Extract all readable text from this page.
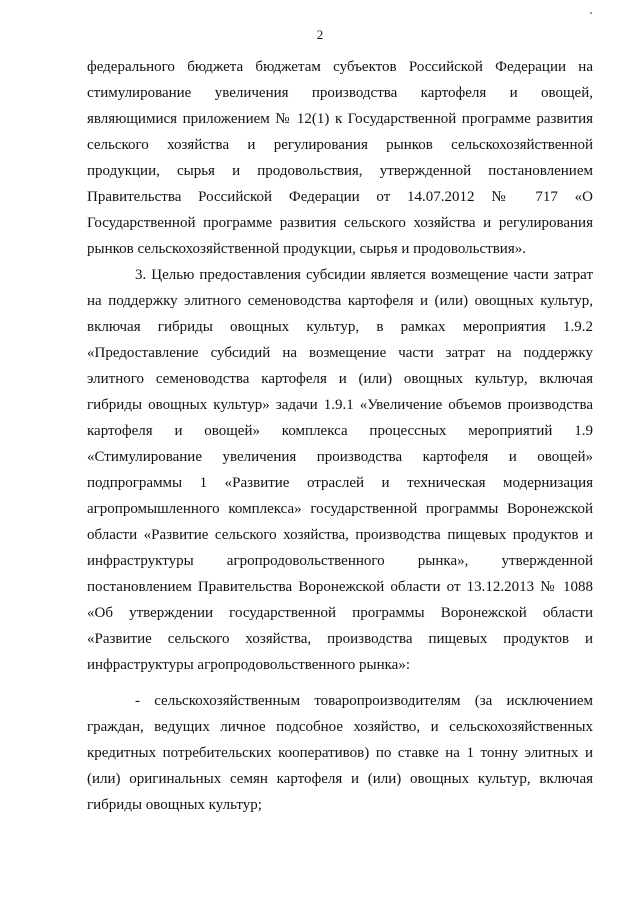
2
федерального бюджета бюджетам субъектов Российской Федерации на
стимулирование увеличения производства картофеля и овощей,
являющимися приложением № 12(1) к Государственной программе развития
сельского хозяйства и регулирования рынков сельскохозяйственной
продукции, сырья и продовольствия, утвержденной постановлением
Правительства Российской Федерации от 14.07.2012 № 717 «О
Государственной программе развития сельского хозяйства и регулирования
рынков сельскохозяйственной продукции, сырья и продовольствия».
3. Целью предоставления субсидии является возмещение части затрат
на поддержку элитного семеноводства картофеля и (или) овощных культур,
включая гибриды овощных культур, в рамках мероприятия 1.9.2
«Предоставление субсидий на возмещение части затрат на поддержку
элитного семеноводства картофеля и (или) овощных культур, включая
гибриды овощных культур» задачи 1.9.1 «Увеличение объемов производства
картофеля и овощей» комплекса процессных мероприятий 1.9
«Стимулирование увеличения производства картофеля и овощей»
подпрограммы 1 «Развитие отраслей и техническая модернизация
агропромышленного комплекса» государственной программы Воронежской
области «Развитие сельского хозяйства, производства пищевых продуктов и
инфраструктуры агропродовольственного рынка», утвержденной
постановлением Правительства Воронежской области от 13.12.2013 № 1088
«Об утверждении государственной программы Воронежской области
«Развитие сельского хозяйства, производства пищевых продуктов и
инфраструктуры агропродовольственного рынка»:
- сельскохозяйственным товаропроизводителям (за исключением
граждан, ведущих личное подсобное хозяйство, и сельскохозяйственных
кредитных потребительских кооперативов) по ставке на 1 тонну элитных и
(или) оригинальных семян картофеля и (или) овощных культур, включая
гибриды овощных культур;
